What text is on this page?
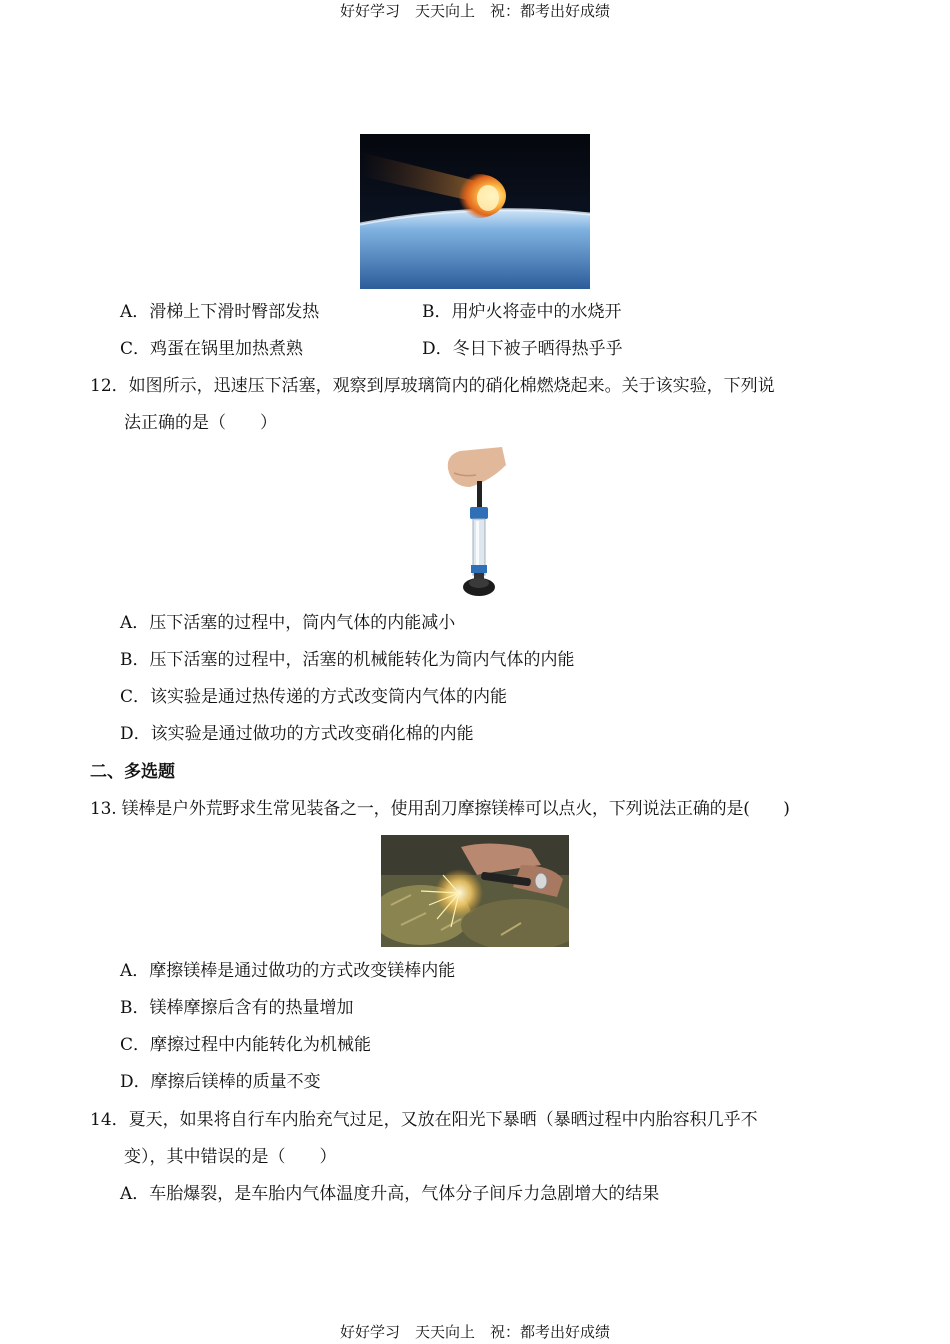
好好学习　天天向上　祝：都考出好成绩
A．滑梯上下滑时臀部发热	B．用炉火将壶中的水烧开
C．鸡蛋在锅里加热煮熟	D．冬日下被子晒得热乎乎
12．如图所示，迅速压下活塞，观察到厚玻璃筒内的硝化棉燃烧起来。关于该实验，下列说
法正确的是（　　）
A．压下活塞的过程中，筒内气体的内能减小
B．压下活塞的过程中，活塞的机械能转化为筒内气体的内能
C．该实验是通过热传递的方式改变筒内气体的内能
D．该实验是通过做功的方式改变硝化棉的内能
二、多选题
13. 镁棒是户外荒野求生常见装备之一，使用刮刀摩擦镁棒可以点火，下列说法正确的是(　　)
A．摩擦镁棒是通过做功的方式改变镁棒内能
B．镁棒摩擦后含有的热量增加
C．摩擦过程中内能转化为机械能
D．摩擦后镁棒的质量不变
14．夏天，如果将自行车内胎充气过足，又放在阳光下暴晒（暴晒过程中内胎容积几乎不
变），其中错误的是（　　）
A．车胎爆裂，是车胎内气体温度升高，气体分子间斥力急剧增大的结果
好好学习　天天向上　祝：都考出好成绩
